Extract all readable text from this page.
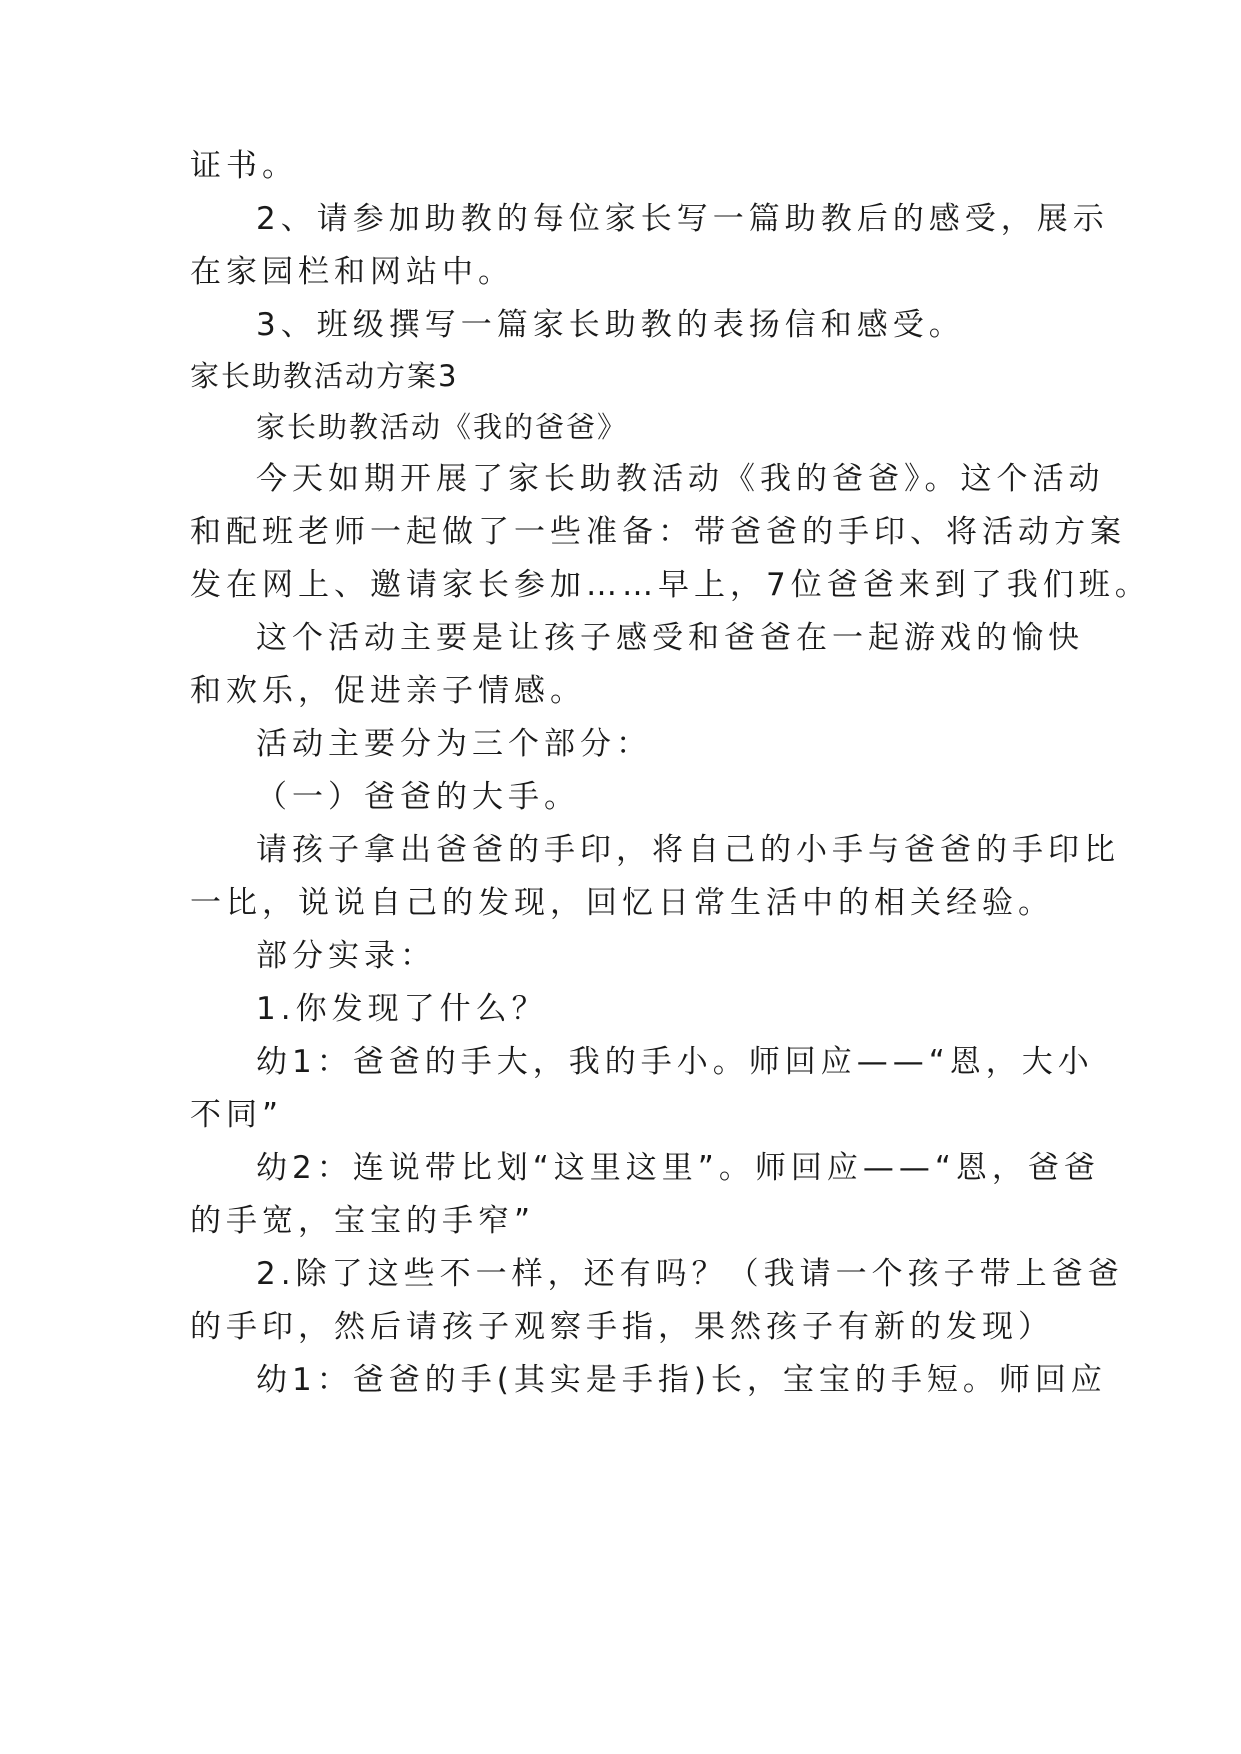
证书。
2、请参加助教的每位家长写一篇助教后的感受，展示
在家园栏和网站中。
3、班级撰写一篇家长助教的表扬信和感受。
家长助教活动方案3
家长助教活动《我的爸爸》
今天如期开展了家长助教活动《我的爸爸》。这个活动
和配班老师一起做了一些准备：带爸爸的手印、将活动方案
发在网上、邀请家长参加……早上，7位爸爸来到了我们班。
这个活动主要是让孩子感受和爸爸在一起游戏的愉快
和欢乐，促进亲子情感。
活动主要分为三个部分：
（一）爸爸的大手。
请孩子拿出爸爸的手印，将自己的小手与爸爸的手印比
一比，说说自己的发现，回忆日常生活中的相关经验。
部分实录：
1.你发现了什么？
幼1：爸爸的手大，我的手小。师回应——“恩，大小
不同”
幼2：连说带比划“这里这里”。师回应——“恩，爸爸
的手宽，宝宝的手窄”
2.除了这些不一样，还有吗？（我请一个孩子带上爸爸
的手印，然后请孩子观察手指，果然孩子有新的发现）
幼1：爸爸的手(其实是手指)长，宝宝的手短。师回应
